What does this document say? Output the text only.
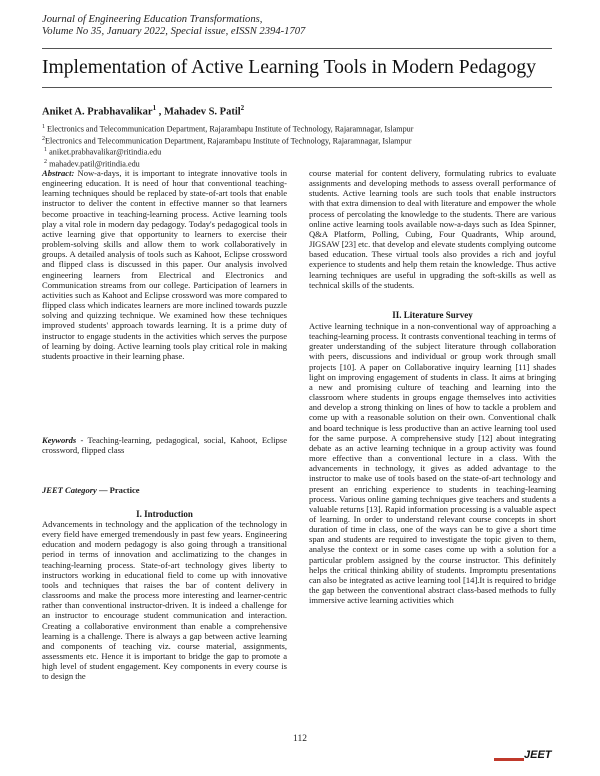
Journal of Engineering Education Transformations,
Volume No 35, January 2022, Special issue, eISSN 2394-1707
Implementation of Active Learning Tools in Modern Pedagogy
Aniket A. Prabhavalikar$^1$ , Mahadev S. Patil$^2$
$^1$ Electronics and Telecommunication Department, Rajarambapu Institute of Technology, Rajaramnagar, Islampur
$^2$Electronics and Telecommunication Department, Rajarambapu Institute of Technology, Rajaramnagar, Islampur
$^1$ aniket.prabhavalikar@ritindia.edu
$^2$ mahadev.patil@ritindia.edu

Abstract: Now-a-days, it is important to integrate innovative tools in engineering education. It is need of hour that conventional teaching-learning techniques should be replaced by state-of-art tools that enable instructor to deliver the content in effective manner so that learners become proactive in teaching-learning process. Active learning tools play a vital role in modern day pedagogy. Today's pedagogical tools in active learning give that opportunity to learners to exercise their problem-solving skills and allow them to work collaboratively in groups. A detailed analysis of tools such as Kahoot, Eclipse crossword and flipped class is discussed in this paper. Our analysis involved engineering learners from Electrical and Electronics and Communication streams from our college. Participation of learners in activities such as Kahoot and Eclipse crossword was more compared to flipped class which indicates learners are more inclined towards puzzle solving and quizzing technique. We examined how these techniques improved students' approach towards learning. It is a prime duty of instructor to engage students in the activities which serves the purpose of learning by doing. Active learning tools play critical role in making students proactive in their learning phase.

Keywords - Teaching-learning, pedagogical, social, Kahoot, Eclipse crossword, flipped class

JEET Category — Practice

I. Introduction

Advancements in technology and the application of the technology in every field have emerged tremendously in past few years. Engineering education and modern pedagogy is also going through a transitional period in terms of innovation and acclimatizing to the changes in teaching-learning process. State-of-art technology gives liberty to instructors working in educational field to come up with innovative tools and techniques that raises the bar of content delivery in classrooms and make the process more interesting and learner-centric rather than conventional instructor-driven. It is indeed a challenge for an instructor to encourage student communication and interaction. Creating a collaborative environment than enable a comprehensive learning is a challenge. There is always a gap between active learning and components of teaching viz. course material, assignments, assessments etc. Hence it is important to bridge the gap to promote a high level of student engagement. Key components in every course is to design the

course material for content delivery, formulating rubrics to evaluate assignments and developing methods to assess overall performance of students. Active learning tools are such tools that enable instructors with that extra dimension to deal with literature and empower the whole process of percolating the knowledge to the students. There are various online active learning tools available now-a-days such as Idea Spinner, Q&A Platform, Polling, Cubing, Four Quadrants, Whip around, JIGSAW [23] etc. that develop and elevate students complying outcome based education. These virtual tools also provides a rich and joyful experience to students and help them retain the knowledge. Thus active learning techniques are useful in upgrading the soft-skills as well as technical skills of the students.

II. Literature Survey

Active learning technique in a non-conventional way of approaching a teaching-learning process. It contrasts conventional teaching in terms of greater understanding of the subject literature through collaboration with peers, discussions and individual or group work through small projects [10]. A paper on Collaborative inquiry learning [11] shades light on improving engagement of students in class. It aims at bringing a new and promising culture of teaching and learning into the classroom where students in groups engage themselves into activities and develop a strong thinking on lines of how to tackle a problem and come up with a reasonable solution on their own. Conventional chalk and board technique is less productive than an active learning tool used for the same purpose. A comprehensive study [12] about integrating debate as an active learning technique in a group activity was found more effective than a conventional lecture in a class. With the advancements in technology, it gives as added advantage to the instructor to make use of tools based on the state-of-art technology and present an enriching experience to students in teaching-learning process. Various online gaming techniques give teachers and students a valuable returns [13]. Rapid information processing is a valuable aspect of learning. In order to understand relevant course concepts in short duration of time in class, one of the ways can be to give a short time span and students are required to investigate the topic given to them, analyse the context or in some cases come up with a solution for a particular problem assigned by the course instructor. This definitely helps the critical thinking ability of students. Impromptu presentations can also be integrated as active learning tool [14].It is required to bridge the gap between the conventional abstract class-based methods to fully immersive active learning activities which

112
JEET
